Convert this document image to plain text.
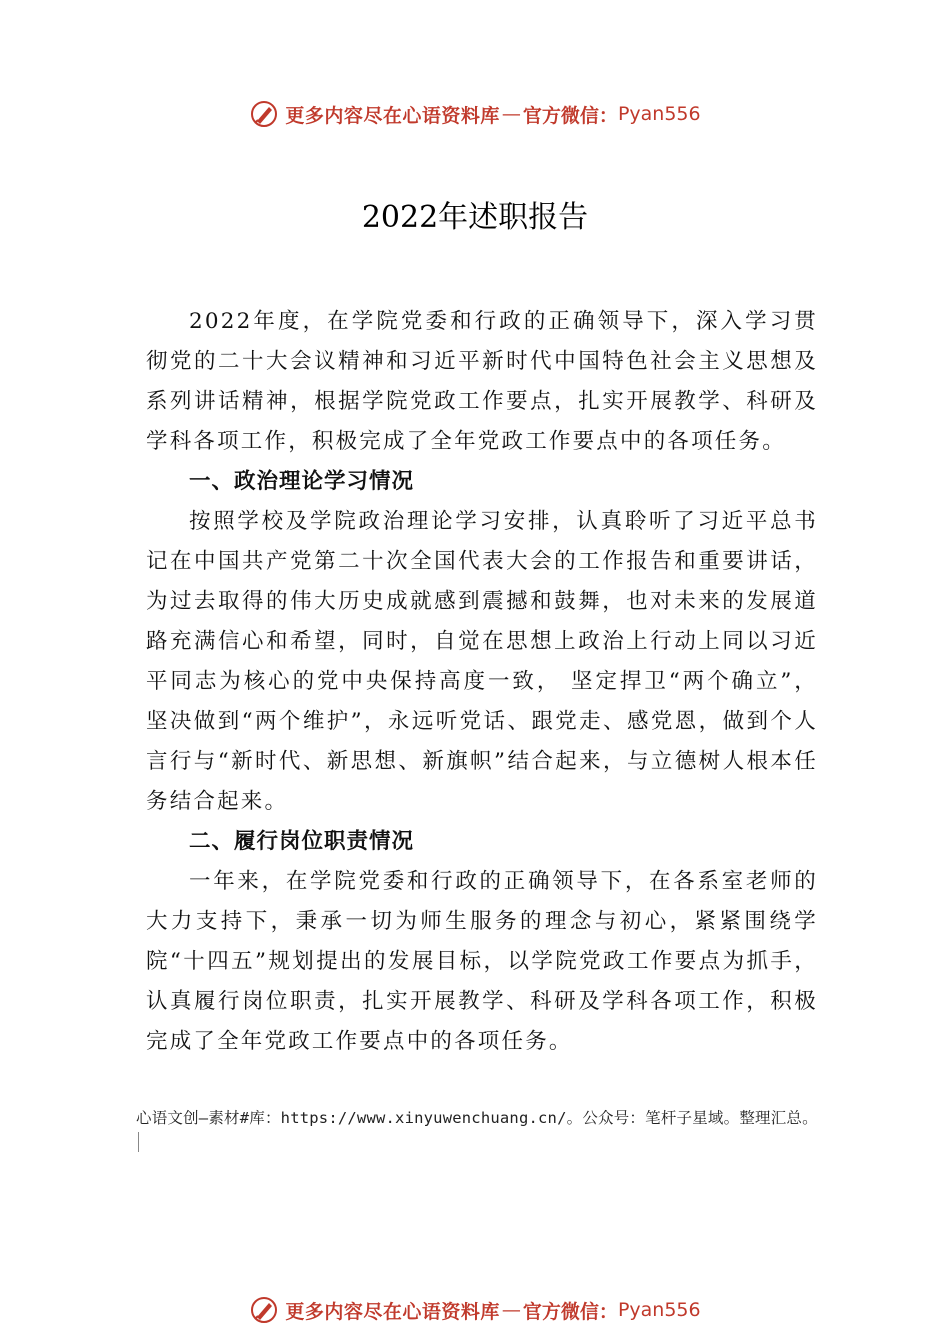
更多内容尽在心语资料库 — 官方微信： Pyan556
2022年述职报告

2022年度，在学院党委和行政的正确领导下，深入学习贯彻党的二十大会议精神和习近平新时代中国特色社会主义思想及系列讲话精神，根据学院党政工作要点，扎实开展教学、科研及学科各项工作，积极完成了全年党政工作要点中的各项任务。

一、政治理论学习情况

按照学校及学院政治理论学习安排，认真聆听了习近平总书记在中国共产党第二十次全国代表大会的工作报告和重要讲话，为过去取得的伟大历史成就感到震撼和鼓舞，也对未来的发展道路充满信心和希望，同时，自觉在思想上政治上行动上同以习近平同志为核心的党中央保持高度一致， 坚定捍卫“两个确立”，坚决做到“两个维护”，永远听党话、跟党走、感党恩，做到个人言行与“新时代、新思想、新旗帜”结合起来，与立德树人根本任务结合起来。

二、履行岗位职责情况

一年来，在学院党委和行政的正确领导下，在各系室老师的大力支持下，秉承一切为师生服务的理念与初心，紧紧围绕学院“十四五”规划提出的发展目标，以学院党政工作要点为抓手，认真履行岗位职责，扎实开展教学、科研及学科各项工作，积极完成了全年党政工作要点中的各项任务。

心语文创—素材#库：https://www.xinyuwenchuang.cn/。公众号：笔杆子星域。整理汇总。
更多内容尽在心语资料库 — 官方微信： Pyan556
